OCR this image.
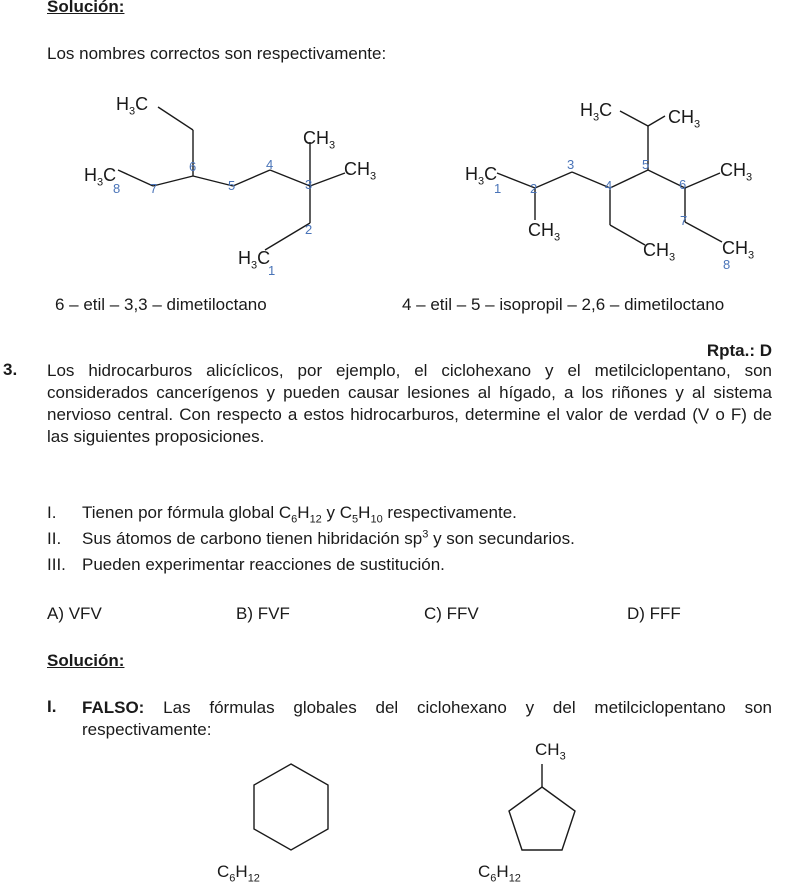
Solución:
Los nombres correctos son respectivamente:
$H_3C$
$CH_3$
$CH_3$
$H_3C$
$H_3C$
1
2
3
4
5
6
7
8
$H_3C$	$CH_3$
$H_3C$	$CH_3$
$CH_3$
$CH_3$	$CH_3$
1 2
3
4
5
6
7
8
6 – etil – 3,3 – dimetiloctano	4 – etil – 5 – isopropil – 2,6 – dimetiloctano
Rpta.: D
3. Los hidrocarburos alicíclicos, por ejemplo, el ciclohexano y el metilciclopentano, son considerados cancerígenos y pueden causar lesiones al hígado, a los riñones y al sistema nervioso central. Con respecto a estos hidrocarburos, determine el valor de verdad (V o F) de las siguientes proposiciones.
I. Tienen por fórmula global $C_6H_{12}$ y $C_5H_{10}$ respectivamente.
II. Sus átomos de carbono tienen hibridación $sp^3$ y son secundarios.
III. Pueden experimentar reacciones de sustitución.
A) VFV	B) FVF	C) FFV	D) FFF
Solución:
I. FALSO: Las fórmulas globales del ciclohexano y del metilciclopentano son respectivamente:
$CH_3$
$C_6H_{12}$	$C_6H_{12}$
